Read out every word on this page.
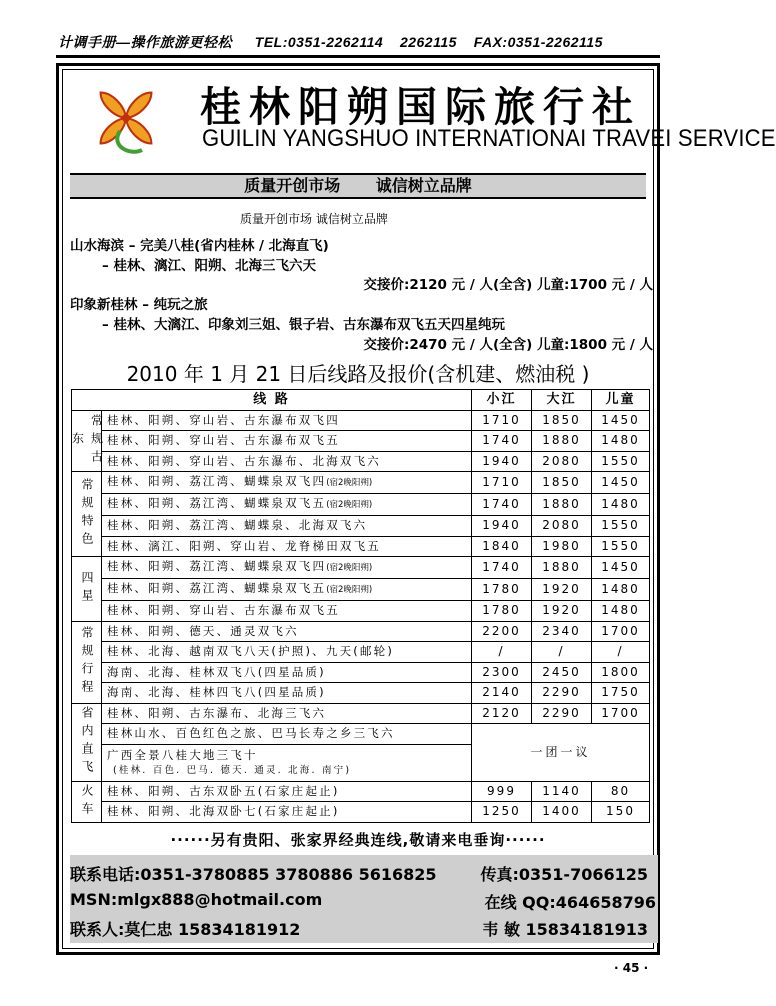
计调手册—操作旅游更轻松 TEL:0351-2262114 2262115 FAX:0351-2262115
桂林阳朔国际旅行社
GUILIN YANGSHUO INTERNATIONAI TRAVEI SERVICE
质量开创市场 诚信树立品牌
质量开创市场 诚信树立品牌
山水海滨 – 完美八桂(省内桂林 / 北海直飞)
– 桂林、漓江、阳朔、北海三飞六天
交接价:2120 元 / 人(全含) 儿童:1700 元 / 人
印象新桂林 – 纯玩之旅
– 桂林、大漓江、印象刘三姐、银子岩、古东瀑布双飞五天四星纯玩
交接价:2470 元 / 人(全含) 儿童:1800 元 / 人
2010 年 1 月 21 日后线路及报价(含机建、燃油税 )
线 路		小江	大江	儿童
常规古东	桂林、阳朔、穿山岩、古东瀑布双飞四	1710	1850	1450
	桂林、阳朔、穿山岩、古东瀑布双飞五	1740	1880	1480
	桂林、阳朔、穿山岩、古东瀑布、北海双飞六	1940	2080	1550
常规特色	桂林、阳朔、荔江湾、蝴蝶泉双飞四(宿2晚阳朔)	1710	1850	1450
	桂林、阳朔、荔江湾、蝴蝶泉双飞五(宿2晚阳朔)	1740	1880	1480
	桂林、阳朔、荔江湾、蝴蝶泉、北海双飞六	1940	2080	1550
	桂林、漓江、阳朔、穿山岩、龙脊梯田双飞五	1840	1980	1550
四星	桂林、阳朔、荔江湾、蝴蝶泉双飞四(宿2晚阳朔)	1740	1880	1450
	桂林、阳朔、荔江湾、蝴蝶泉双飞五(宿2晚阳朔)	1780	1920	1480
	桂林、阳朔、穿山岩、古东瀑布双飞五	1780	1920	1480
常规行程	桂林、阳朔、德天、通灵双飞六	2200	2340	1700
	桂林、北海、越南双飞八天(护照)、九天(邮轮)	/	/	/
	海南、北海、桂林双飞八(四星品质)	2300	2450	1800
	海南、北海、桂林四飞八(四星品质)	2140	2290	1750
省内直飞	桂林、阳朔、古东瀑布、北海三飞六	2120	2290	1700
	桂林山水、百色红色之旅、巴马长寿之乡三飞六	一团一议		

	广西全景八桂大地三飞十
(桂林. 百色. 巴马. 德天. 通灵. 北海. 南宁)			

火车	桂林、阳朔、古东双卧五(石家庄起止)	999	1140	80
	桂林、阳朔、北海双卧七(石家庄起止)	1250	1400	150
······另有贵阳、张家界经典连线,敬请来电垂询······
联系电话:0351-3780885 3780886 5616825	传真:0351-7066125
MSN:mlgx888@hotmail.com	在线 QQ:464658796
联系人:莫仁忠 15834181912	韦 敏 15834181913
· 45 ·
